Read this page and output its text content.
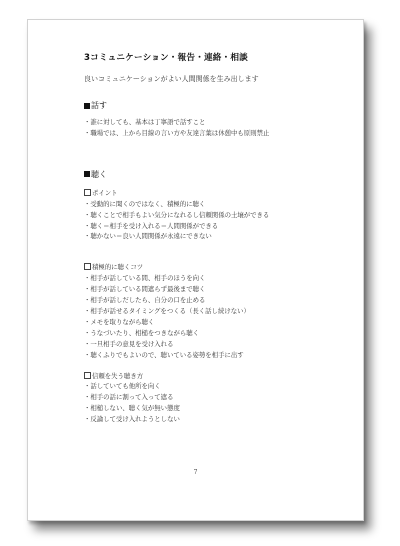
3コミュニケーション・報告・連絡・相談
良いコミュニケーションがよい人間関係を生み出します
話す
・誰に対しても、基本は丁寧語で話すこと
・職場では、上から目線の言い方や友達言葉は休憩中も原則禁止
聴く
ポイント
・受動的に聞くのではなく、積極的に聴く
・聴くことで相手もよい気分になれるし信頼関係の土壌ができる
・聴く＝相手を受け入れる＝人間関係ができる
・聴かない＝良い人間関係が永遠にできない
積極的に聴くコツ
・相手が話している間、相手のほうを向く
・相手が話している間遮らず最後まで聴く
・相手が話しだしたら、自分の口を止める
・相手が話せるタイミングをつくる（長く話し続けない）
・メモを取りながら聴く
・うなづいたり、相槌をつきながら聴く
・一旦相手の意見を受け入れる
・聴くふりでもよいので、聴いている姿勢を相手に出す
信頼を失う聴き方
・話していても他所を向く
・相手の話に割って入って遮る
・相槌しない、聴く気が無い態度
・反論して受け入れようとしない
7
